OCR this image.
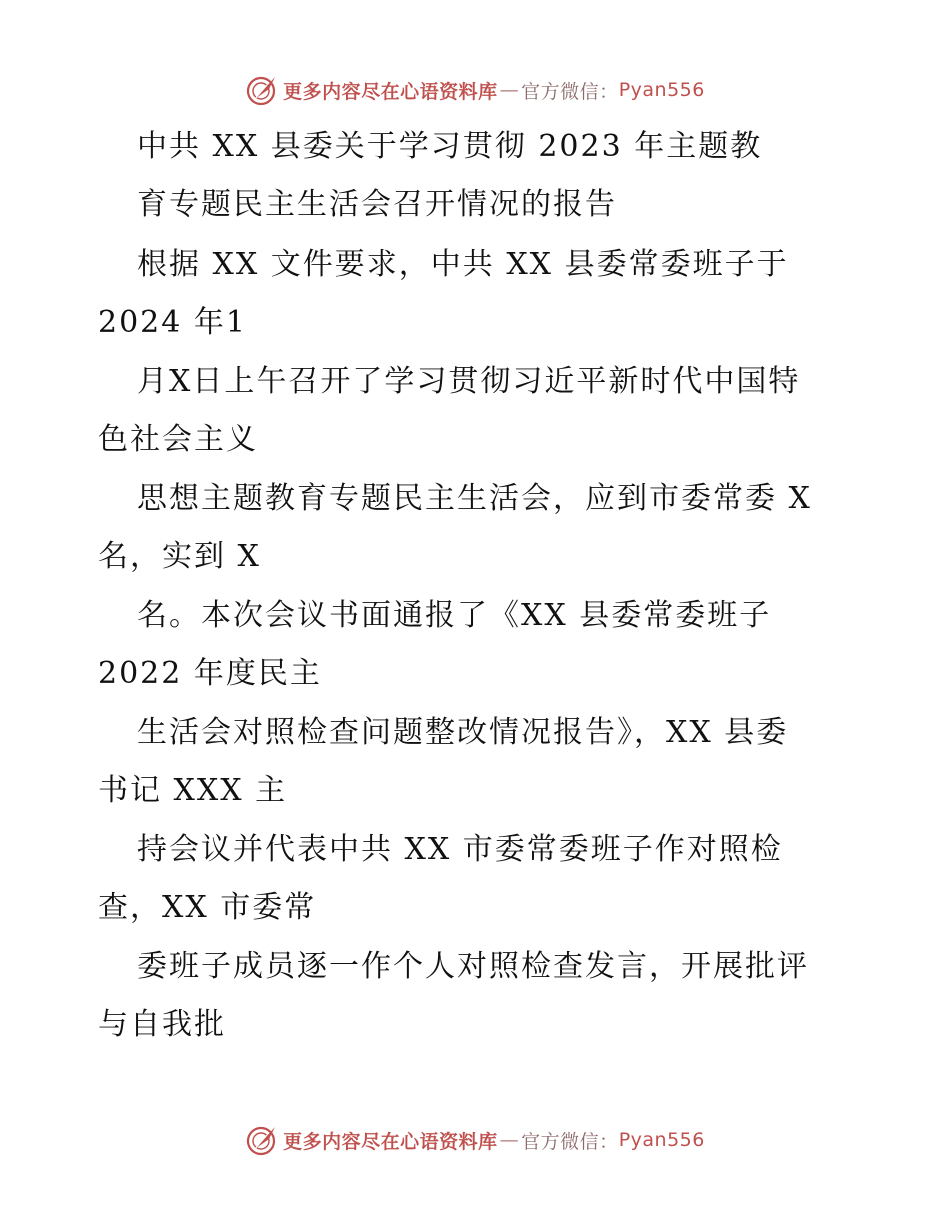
更多内容尽在心语资料库 — 官方微信： Pyan556
中共 XX 县委关于学习贯彻 2023 年主题教
育专题民主生活会召开情况的报告
根据 XX 文件要求，中共 XX 县委常委班子于
2024 年1
月X日上午召开了学习贯彻习近平新时代中国特
色社会主义
思想主题教育专题民主生活会，应到市委常委 X
名，实到 X
名。本次会议书面通报了《XX 县委常委班子
2022 年度民主
生活会对照检查问题整改情况报告》，XX 县委
书记 XXX 主
持会议并代表中共 XX 市委常委班子作对照检
查，XX 市委常
委班子成员逐一作个人对照检查发言，开展批评
与自我批
更多内容尽在心语资料库 — 官方微信： Pyan556
